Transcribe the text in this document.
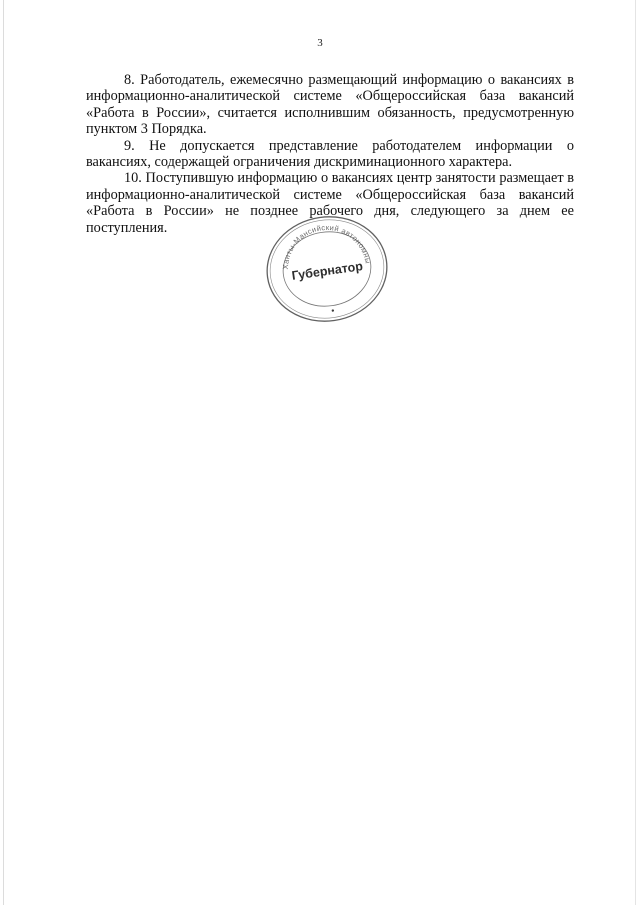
3

8. Работодатель, ежемесячно размещающий информацию о вакансиях в информационно-аналитической системе «Общероссийская база вакансий «Работа в России», считается исполнившим обязанность, предусмотренную пунктом 3 Порядка.

9. Не допускается представление работодателем информации о вакансиях, содержащей ограничения дискриминационного характера.

10. Поступившую информацию о вакансиях центр занятости размещает в информационно-аналитической системе «Общероссийская база вакансий «Работа в России» не позднее рабочего дня, следующего за днем ее поступления.

Ханты-Мансийский автономный
Губернатор
